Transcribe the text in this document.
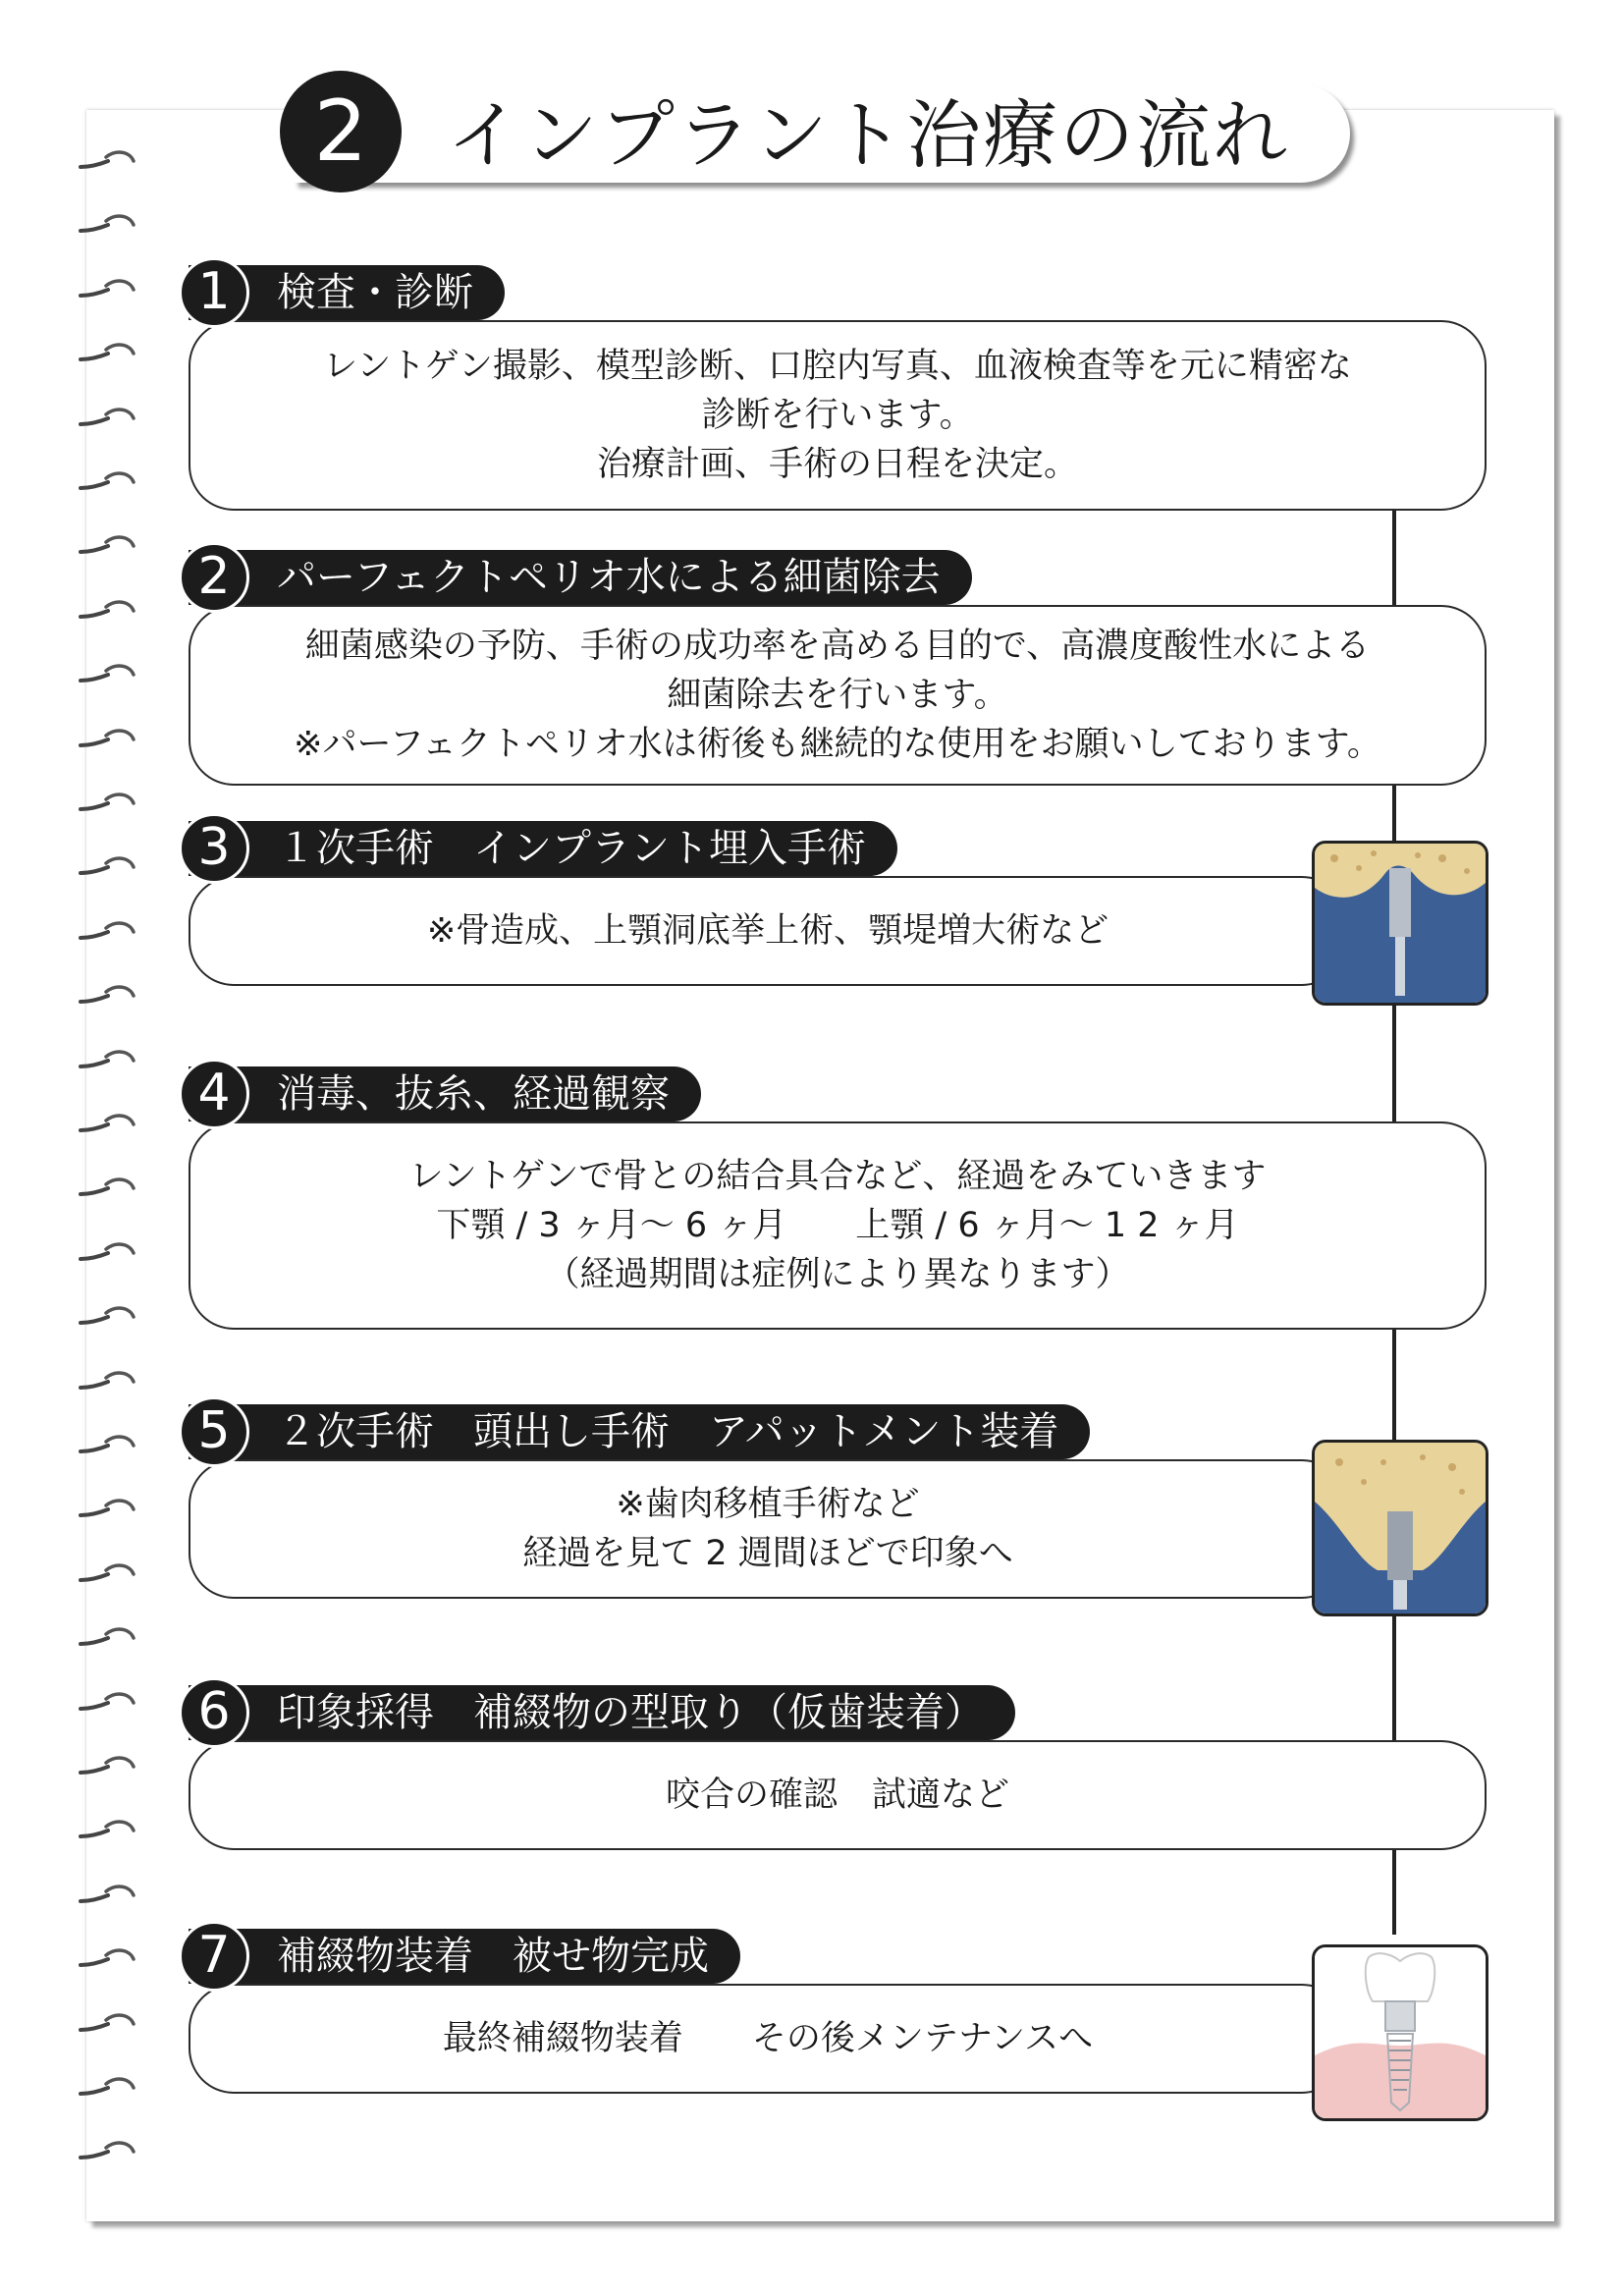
2	インプラント治療の流れ
レントゲン撮影、模型診断、口腔内写真、血液検査等を元に精密な
診断を行います。
治療計画、手術の日程を決定。
検査・診断
1
細菌感染の予防、手術の成功率を高める目的で、高濃度酸性水による
細菌除去を行います。
※パーフェクトペリオ水は術後も継続的な使用をお願いしております。
パーフェクトペリオ水による細菌除去
2
※骨造成、上顎洞底挙上術、顎堤増大術など
１次手術　インプラント埋入手術
3
レントゲンで骨との結合具合など、経過をみていきます
下顎 / 3 ヶ月〜 6 ヶ月　　上顎 / 6 ヶ月〜 1 2 ヶ月
（経過期間は症例により異なります）
消毒、抜糸、経過観察
4
※歯肉移植手術など
経過を見て 2 週間ほどで印象へ
２次手術　頭出し手術　アパットメント装着
5
咬合の確認　試適など
印象採得　補綴物の型取り（仮歯装着）
6
最終補綴物装着　　その後メンテナンスへ
補綴物装着　被せ物完成
7
